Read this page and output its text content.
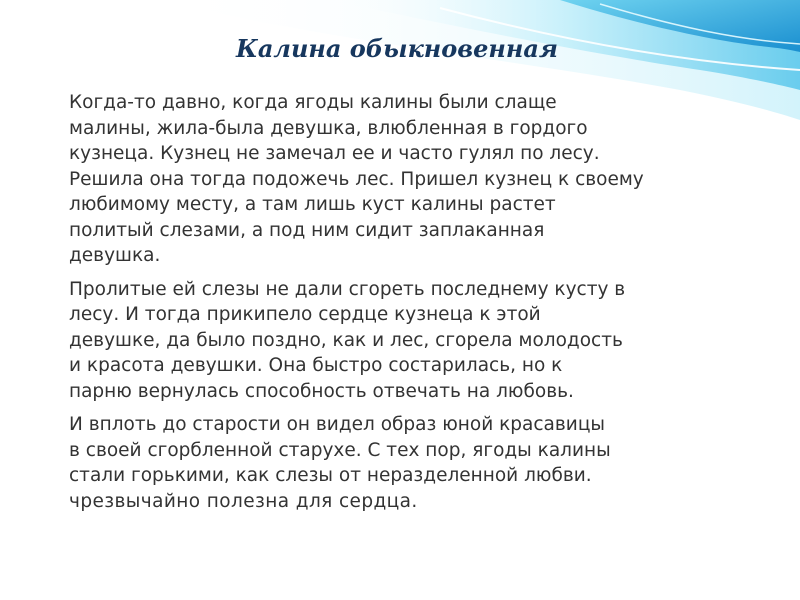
Калина обыкновенная

Когда-то давно, когда ягоды калины были слаще
малины, жила-была девушка, влюбленная в гордого
кузнеца. Кузнец не замечал ее и часто гулял по лесу.
Решила она тогда подожечь лес. Пришел кузнец к своему
любимому месту, а там лишь куст калины растет
политый слезами, а под ним сидит заплаканная
девушка.

Пролитые ей слезы не дали сгореть последнему кусту в
лесу. И тогда прикипело сердце кузнеца к этой
девушке, да было поздно, как и лес, сгорела молодость
и красота девушки. Она быстро состарилась, но к
парню вернулась способность отвечать на любовь.

И вплоть до старости он видел образ юной красавицы
в своей сгорбленной старухе. С тех пор, ягоды калины
стали горькими, как слезы от неразделенной любви.

чрезвычайно полезна для сердца.
